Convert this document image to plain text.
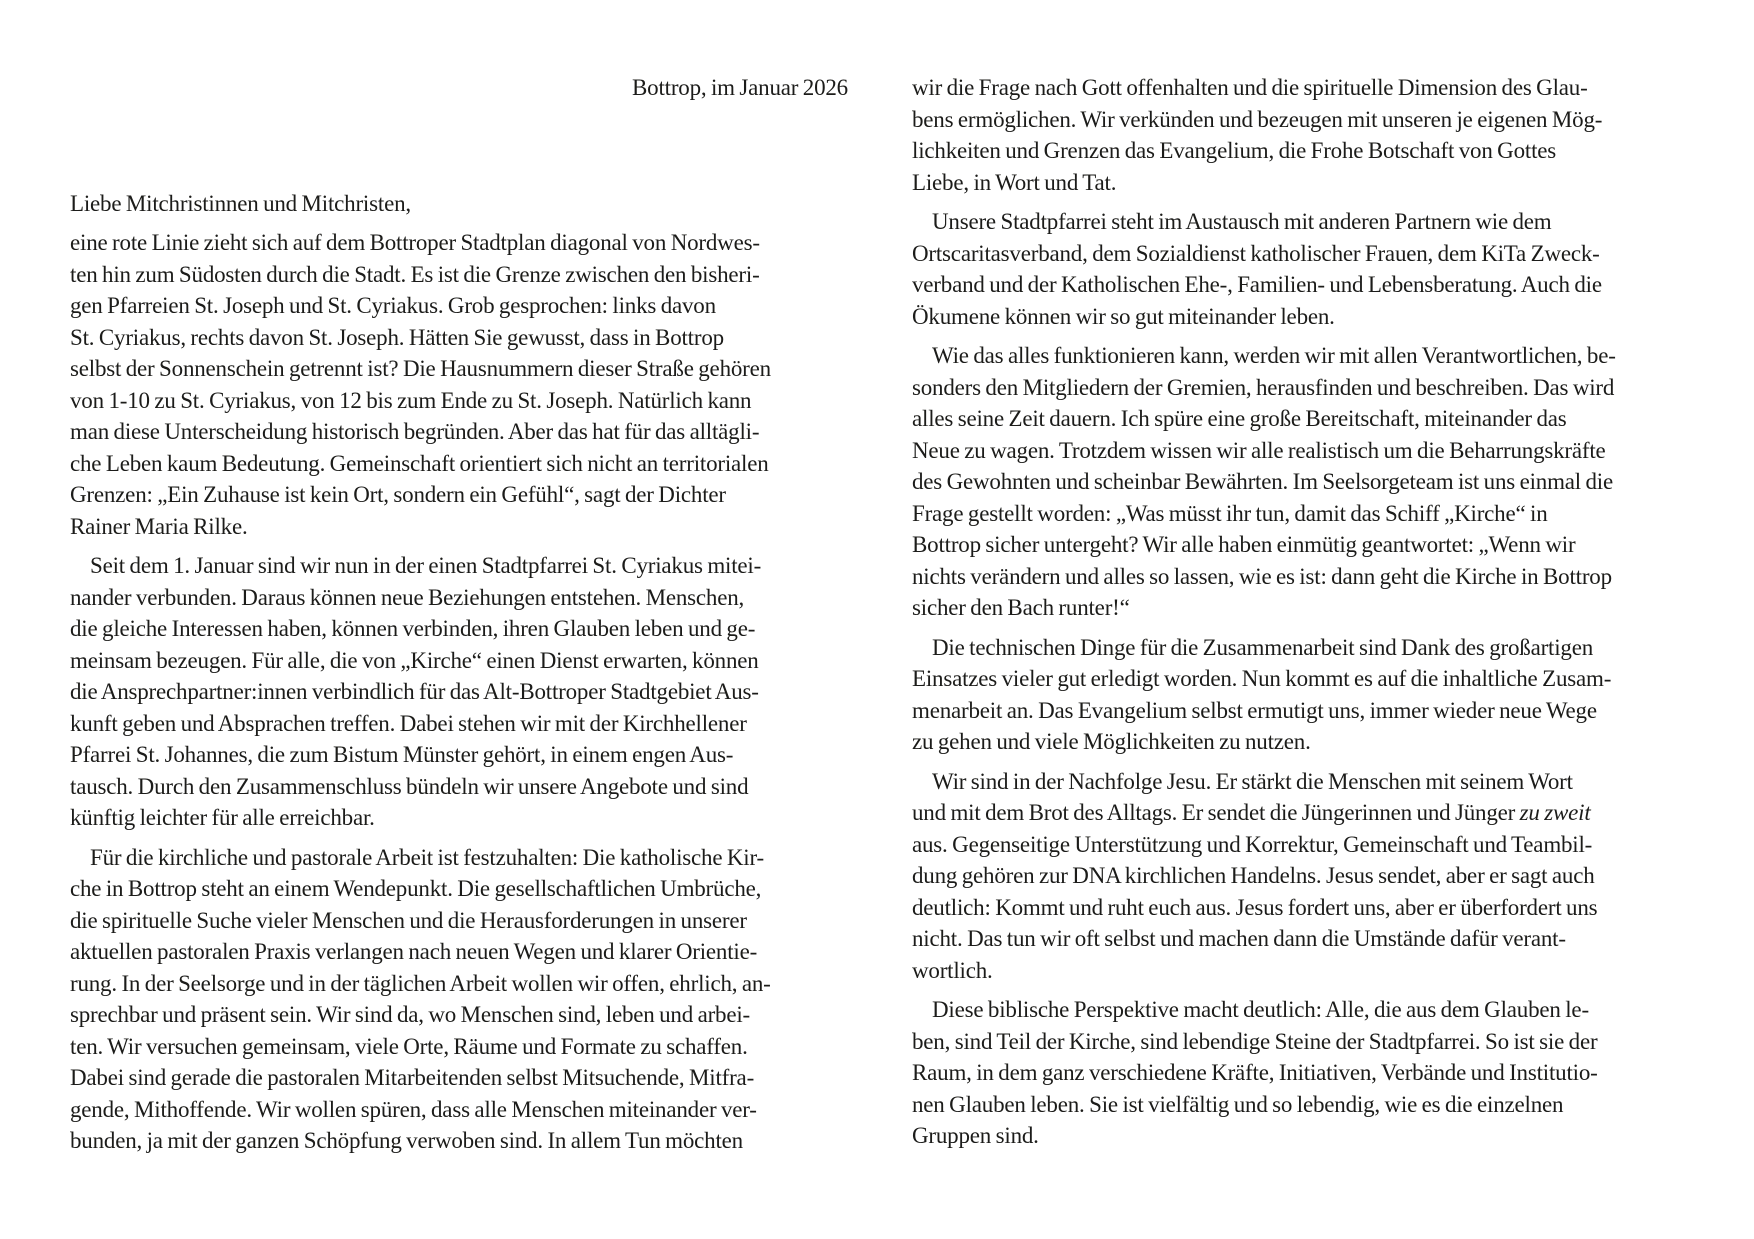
Bottrop, im Januar 2026
Liebe Mitchristinnen und Mitchristen,
eine rote Linie zieht sich auf dem Bottroper Stadtplan diagonal von Nordwes-
ten hin zum Südosten durch die Stadt. Es ist die Grenze zwischen den bisheri-
gen Pfarreien St. Joseph und St. Cyriakus. Grob gesprochen: links davon
St. Cyriakus, rechts davon St. Joseph. Hätten Sie gewusst, dass in Bottrop
selbst der Sonnenschein getrennt ist? Die Hausnummern dieser Straße gehören
von 1-10 zu St. Cyriakus, von 12 bis zum Ende zu St. Joseph. Natürlich kann
man diese Unterscheidung historisch begründen. Aber das hat für das alltägli-
che Leben kaum Bedeutung. Gemeinschaft orientiert sich nicht an territorialen
Grenzen: „Ein Zuhause ist kein Ort, sondern ein Gefühl“, sagt der Dichter
Rainer Maria Rilke.
Seit dem 1. Januar sind wir nun in der einen Stadtpfarrei St. Cyriakus mitei-
nander verbunden. Daraus können neue Beziehungen entstehen. Menschen,
die gleiche Interessen haben, können verbinden, ihren Glauben leben und ge-
meinsam bezeugen. Für alle, die von „Kirche“ einen Dienst erwarten, können
die Ansprechpartner:innen verbindlich für das Alt-Bottroper Stadtgebiet Aus-
kunft geben und Absprachen treffen. Dabei stehen wir mit der Kirchhellener
Pfarrei St. Johannes, die zum Bistum Münster gehört, in einem engen Aus-
tausch. Durch den Zusammenschluss bündeln wir unsere Angebote und sind
künftig leichter für alle erreichbar.
Für die kirchliche und pastorale Arbeit ist festzuhalten: Die katholische Kir-
che in Bottrop steht an einem Wendepunkt. Die gesellschaftlichen Umbrüche,
die spirituelle Suche vieler Menschen und die Herausforderungen in unserer
aktuellen pastoralen Praxis verlangen nach neuen Wegen und klarer Orientie-
rung. In der Seelsorge und in der täglichen Arbeit wollen wir offen, ehrlich, an-
sprechbar und präsent sein. Wir sind da, wo Menschen sind, leben und arbei-
ten. Wir versuchen gemeinsam, viele Orte, Räume und Formate zu schaffen.
Dabei sind gerade die pastoralen Mitarbeitenden selbst Mitsuchende, Mitfra-
gende, Mithoffende. Wir wollen spüren, dass alle Menschen miteinander ver-
bunden, ja mit der ganzen Schöpfung verwoben sind. In allem Tun möchten
wir die Frage nach Gott offenhalten und die spirituelle Dimension des Glau-
bens ermöglichen. Wir verkünden und bezeugen mit unseren je eigenen Mög-
lichkeiten und Grenzen das Evangelium, die Frohe Botschaft von Gottes
Liebe, in Wort und Tat.
Unsere Stadtpfarrei steht im Austausch mit anderen Partnern wie dem
Ortscaritasverband, dem Sozialdienst katholischer Frauen, dem KiTa Zweck-
verband und der Katholischen Ehe-, Familien- und Lebensberatung. Auch die
Ökumene können wir so gut miteinander leben.
Wie das alles funktionieren kann, werden wir mit allen Verantwortlichen, be-
sonders den Mitgliedern der Gremien, herausfinden und beschreiben. Das wird
alles seine Zeit dauern. Ich spüre eine große Bereitschaft, miteinander das
Neue zu wagen. Trotzdem wissen wir alle realistisch um die Beharrungskräfte
des Gewohnten und scheinbar Bewährten. Im Seelsorgeteam ist uns einmal die
Frage gestellt worden: „Was müsst ihr tun, damit das Schiff „Kirche“ in
Bottrop sicher untergeht? Wir alle haben einmütig geantwortet: „Wenn wir
nichts verändern und alles so lassen, wie es ist: dann geht die Kirche in Bottrop
sicher den Bach runter!“
Die technischen Dinge für die Zusammenarbeit sind Dank des großartigen
Einsatzes vieler gut erledigt worden. Nun kommt es auf die inhaltliche Zusam-
menarbeit an. Das Evangelium selbst ermutigt uns, immer wieder neue Wege
zu gehen und viele Möglichkeiten zu nutzen.
Wir sind in der Nachfolge Jesu. Er stärkt die Menschen mit seinem Wort
und mit dem Brot des Alltags. Er sendet die Jüngerinnen und Jünger zu zweit
aus. Gegenseitige Unterstützung und Korrektur, Gemeinschaft und Teambil-
dung gehören zur DNA kirchlichen Handelns. Jesus sendet, aber er sagt auch
deutlich: Kommt und ruht euch aus. Jesus fordert uns, aber er überfordert uns
nicht. Das tun wir oft selbst und machen dann die Umstände dafür verant-
wortlich.
Diese biblische Perspektive macht deutlich: Alle, die aus dem Glauben le-
ben, sind Teil der Kirche, sind lebendige Steine der Stadtpfarrei. So ist sie der
Raum, in dem ganz verschiedene Kräfte, Initiativen, Verbände und Institutio-
nen Glauben leben. Sie ist vielfältig und so lebendig, wie es die einzelnen
Gruppen sind.
